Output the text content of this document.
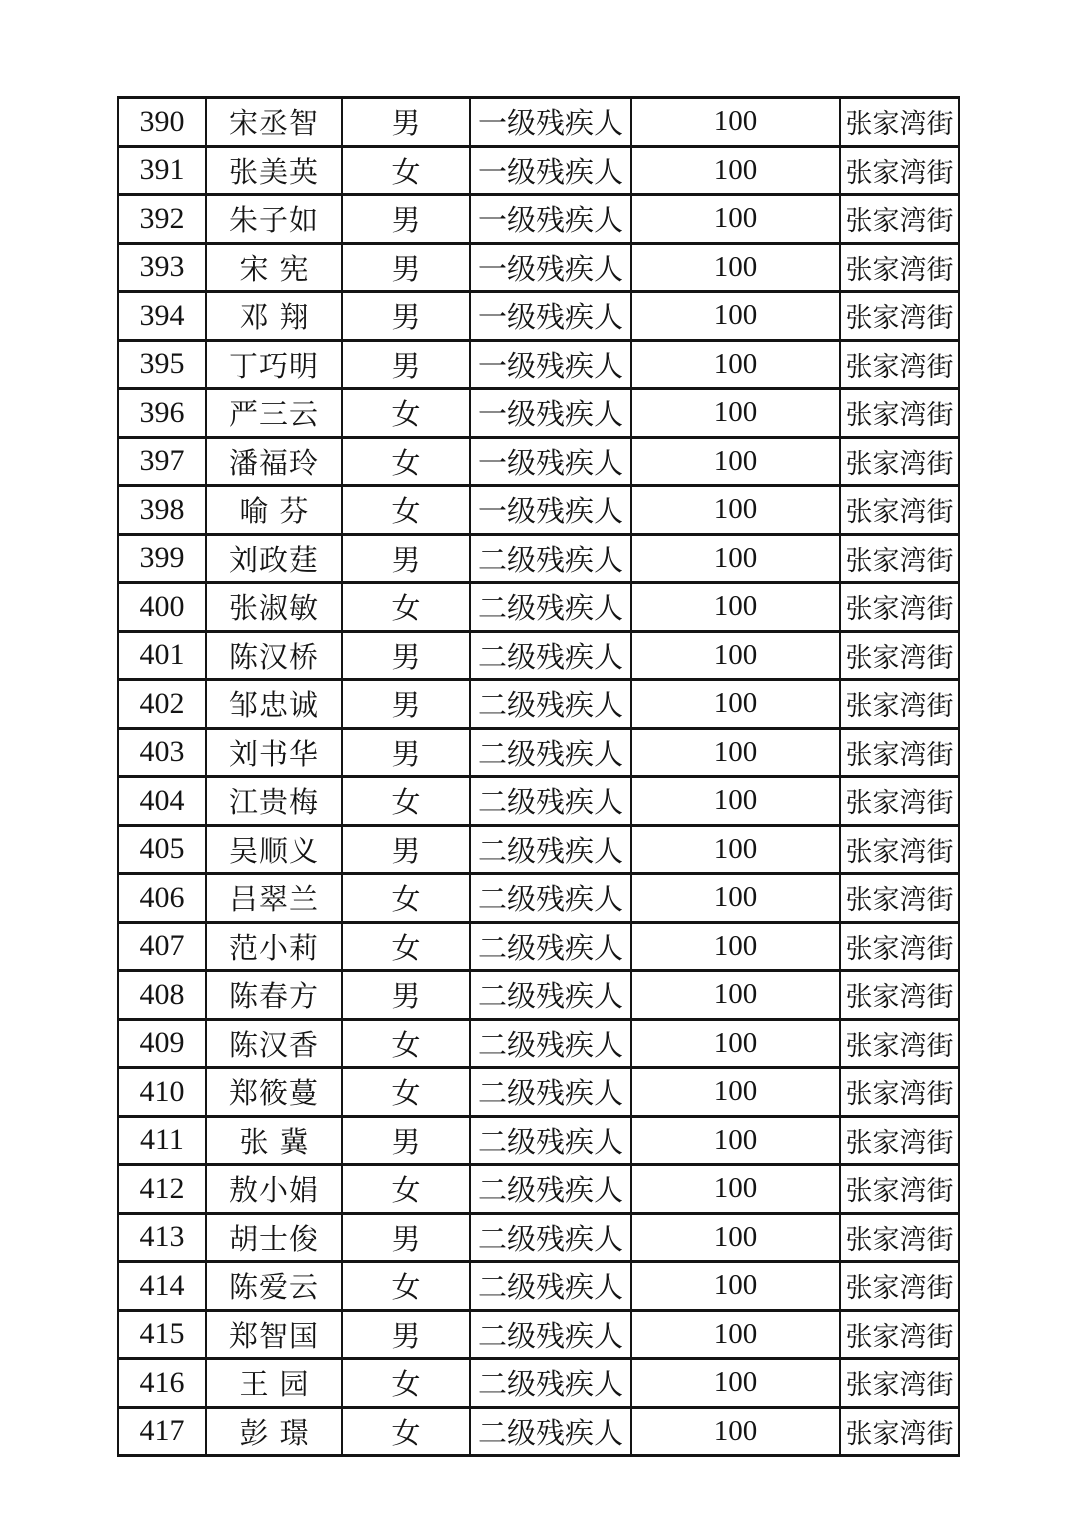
390	宋丞智	男	一级残疾人	100	张家湾街
391	张美英	女	一级残疾人	100	张家湾街
392	朱子如	男	一级残疾人	100	张家湾街
393	宋宪	男	一级残疾人	100	张家湾街
394	邓翔	男	一级残疾人	100	张家湾街
395	丁巧明	男	一级残疾人	100	张家湾街
396	严三云	女	一级残疾人	100	张家湾街
397	潘福玲	女	一级残疾人	100	张家湾街
398	喻芬	女	一级残疾人	100	张家湾街
399	刘政莛	男	二级残疾人	100	张家湾街
400	张淑敏	女	二级残疾人	100	张家湾街
401	陈汉桥	男	二级残疾人	100	张家湾街
402	邹忠诚	男	二级残疾人	100	张家湾街
403	刘书华	男	二级残疾人	100	张家湾街
404	江贵梅	女	二级残疾人	100	张家湾街
405	吴顺义	男	二级残疾人	100	张家湾街
406	吕翠兰	女	二级残疾人	100	张家湾街
407	范小莉	女	二级残疾人	100	张家湾街
408	陈春方	男	二级残疾人	100	张家湾街
409	陈汉香	女	二级残疾人	100	张家湾街
410	郑筱蔓	女	二级残疾人	100	张家湾街
411	张冀	男	二级残疾人	100	张家湾街
412	敖小娟	女	二级残疾人	100	张家湾街
413	胡士俊	男	二级残疾人	100	张家湾街
414	陈爱云	女	二级残疾人	100	张家湾街
415	郑智国	男	二级残疾人	100	张家湾街
416	王园	女	二级残疾人	100	张家湾街
417	彭璟	女	二级残疾人	100	张家湾街
